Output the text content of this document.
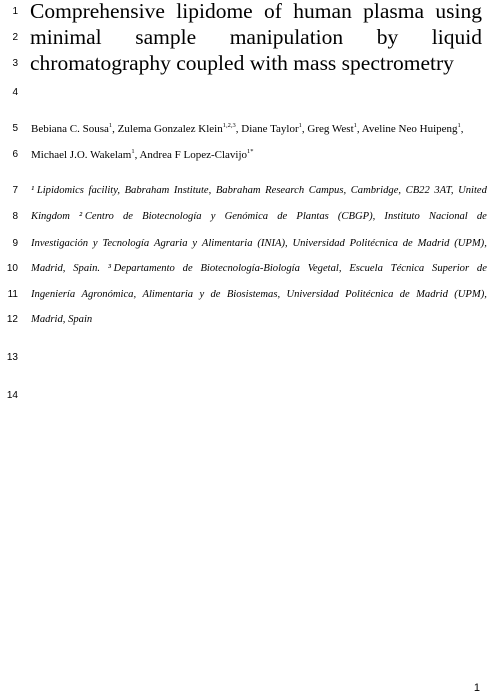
1
2
3
4
5
6
7
8
9
10
11
12
13
14
Comprehensive lipidome of human plasma using
minimal sample manipulation by liquid
chromatography coupled with mass spectrometry
Bebiana C. Sousa$^1$, Zulema Gonzalez Klein$^{1,2,3}$, Diane Taylor$^1$, Greg West$^1$, Aveline Neo Huipeng$^1$,
Michael J.O. Wakelam$^1$, Andrea F Lopez-Clavijo$^{1*}$
¹ Lipidomics facility, Babraham Institute, Babraham Research Campus, Cambridge, CB22 3AT, United
Kingdom ² Centro de Biotecnología y Genómica de Plantas (CBGP), Instituto Nacional de
Investigación y Tecnología Agraria y Alimentaria (INIA), Universidad Politécnica de Madrid (UPM),
Madrid, Spain. ³ Departamento de Biotecnología-Biología Vegetal, Escuela Técnica Superior de
Ingeniería Agronómica, Alimentaria y de Biosistemas, Universidad Politécnica de Madrid (UPM),
Madrid, Spain
1
